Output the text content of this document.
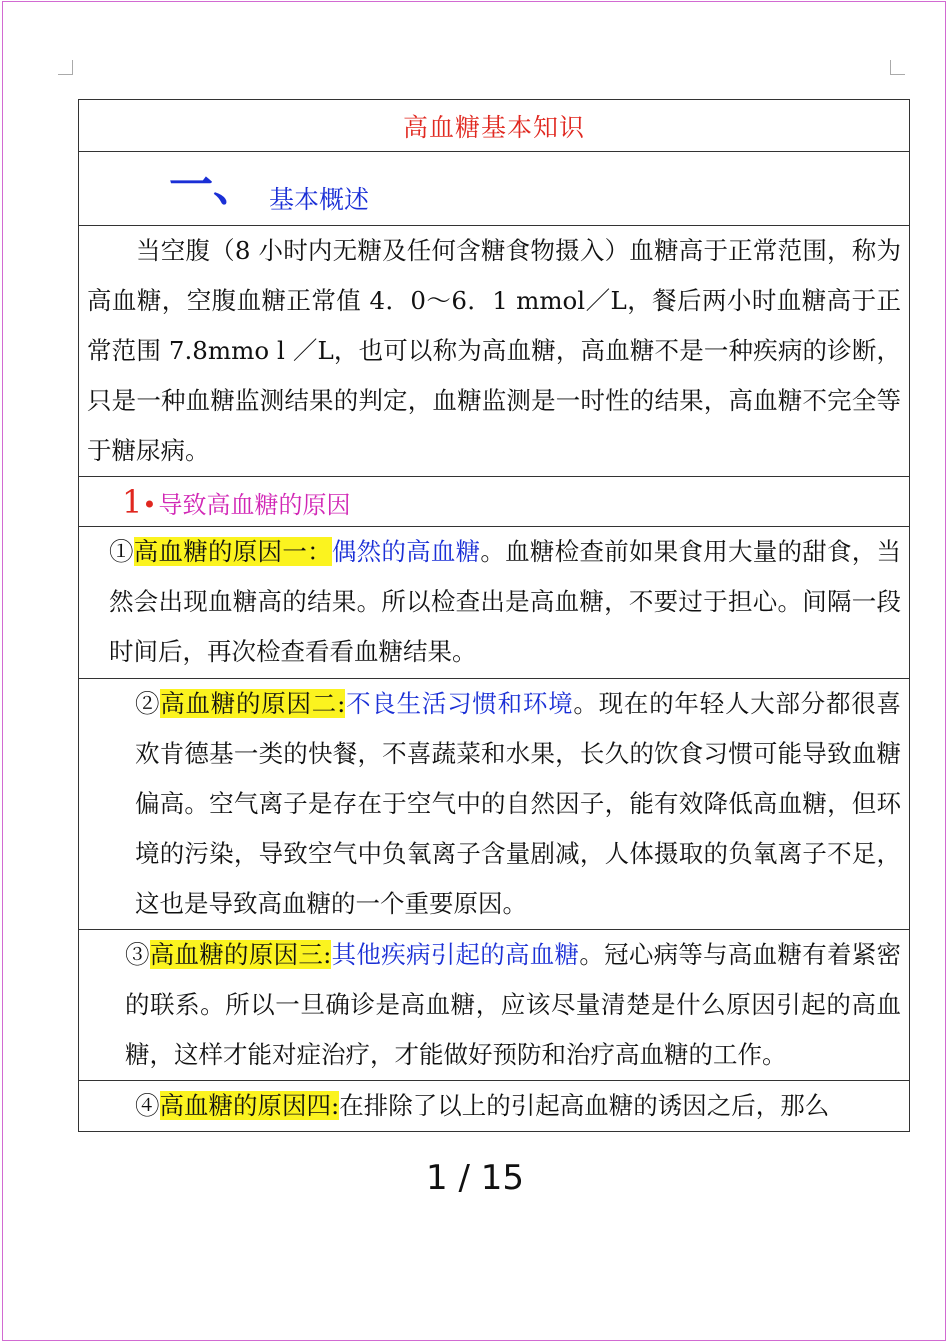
高血糖基本知识
一、 基本概述

当空腹（8 小时内无糖及任何含糖食物摄入）血糖高于正常范围，称为高血糖，空腹血糖正常值 4．0～6．1 mmol／L，餐后两小时血糖高于正常范围 7.8mmo l ／L，也可以称为高血糖，高血糖不是一种疾病的诊断，只是一种血糖监测结果的判定，血糖监测是一时性的结果，高血糖不完全等于糖尿病。

1•导致高血糖的原因

①高血糖的原因一：偶然的高血糖。血糖检查前如果食用大量的甜食，当然会出现血糖高的结果。所以检查出是高血糖，不要过于担心。间隔一段时间后，再次检查看看血糖结果。

②高血糖的原因二:不良生活习惯和环境。现在的年轻人大部分都很喜欢肯德基一类的快餐，不喜蔬菜和水果，长久的饮食习惯可能导致血糖偏高。空气离子是存在于空气中的自然因子，能有效降低高血糖，但环境的污染，导致空气中负氧离子含量剧减，人体摄取的负氧离子不足，这也是导致高血糖的一个重要原因。

③高血糖的原因三:其他疾病引起的高血糖。冠心病等与高血糖有着紧密的联系。所以一旦确诊是高血糖，应该尽量清楚是什么原因引起的高血糖，这样才能对症治疗，才能做好预防和治疗高血糖的工作。

④高血糖的原因四:在排除了以上的引起高血糖的诱因之后，那么

1 / 15
